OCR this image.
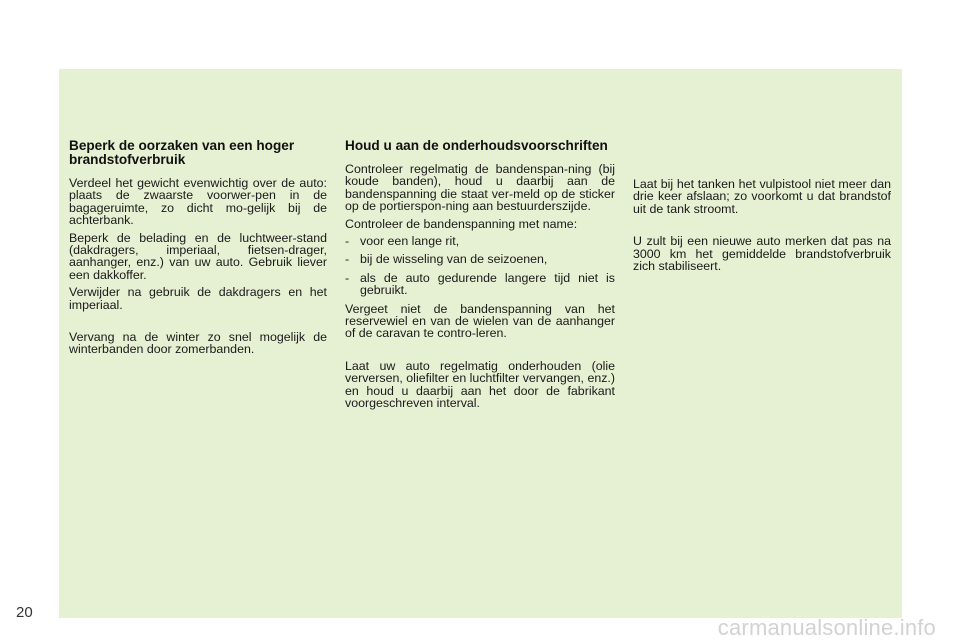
Beperk de oorzaken van een hoger brandstofverbruik

Verdeel het gewicht evenwichtig over de auto: plaats de zwaarste voorwer-pen in de bagageruimte, zo dicht mo-gelijk bij de achterbank.

Beperk de belading en de luchtweer-stand (dakdragers, imperiaal, fietsen-drager, aanhanger, enz.) van uw auto. Gebruik liever een dakkoffer.

Verwijder na gebruik de dakdragers en het imperiaal.

Vervang na de winter zo snel mogelijk de winterbanden door zomerbanden.

Houd u aan de onderhoudsvoorschriften

Controleer regelmatig de bandenspan-ning (bij koude banden), houd u daarbij aan de bandenspanning die staat ver-meld op de sticker op de portierspon-ning aan bestuurderszijde.

Controleer de bandenspanning met name:

- voor een lange rit,
- bij de wisseling van de seizoenen,
- als de auto gedurende langere tijd niet is gebruikt.

Vergeet niet de bandenspanning van het reservewiel en van de wielen van de aanhanger of de caravan te contro-leren.

Laat uw auto regelmatig onderhouden (olie verversen, oliefilter en luchtfilter vervangen, enz.) en houd u daarbij aan het door de fabrikant voorgeschreven interval.

Laat bij het tanken het vulpistool niet meer dan drie keer afslaan; zo voorkomt u dat brandstof uit de tank stroomt.

U zult bij een nieuwe auto merken dat pas na 3000 km het gemiddelde brandstofverbruik zich stabiliseert.

20
carmanualsonline.info
